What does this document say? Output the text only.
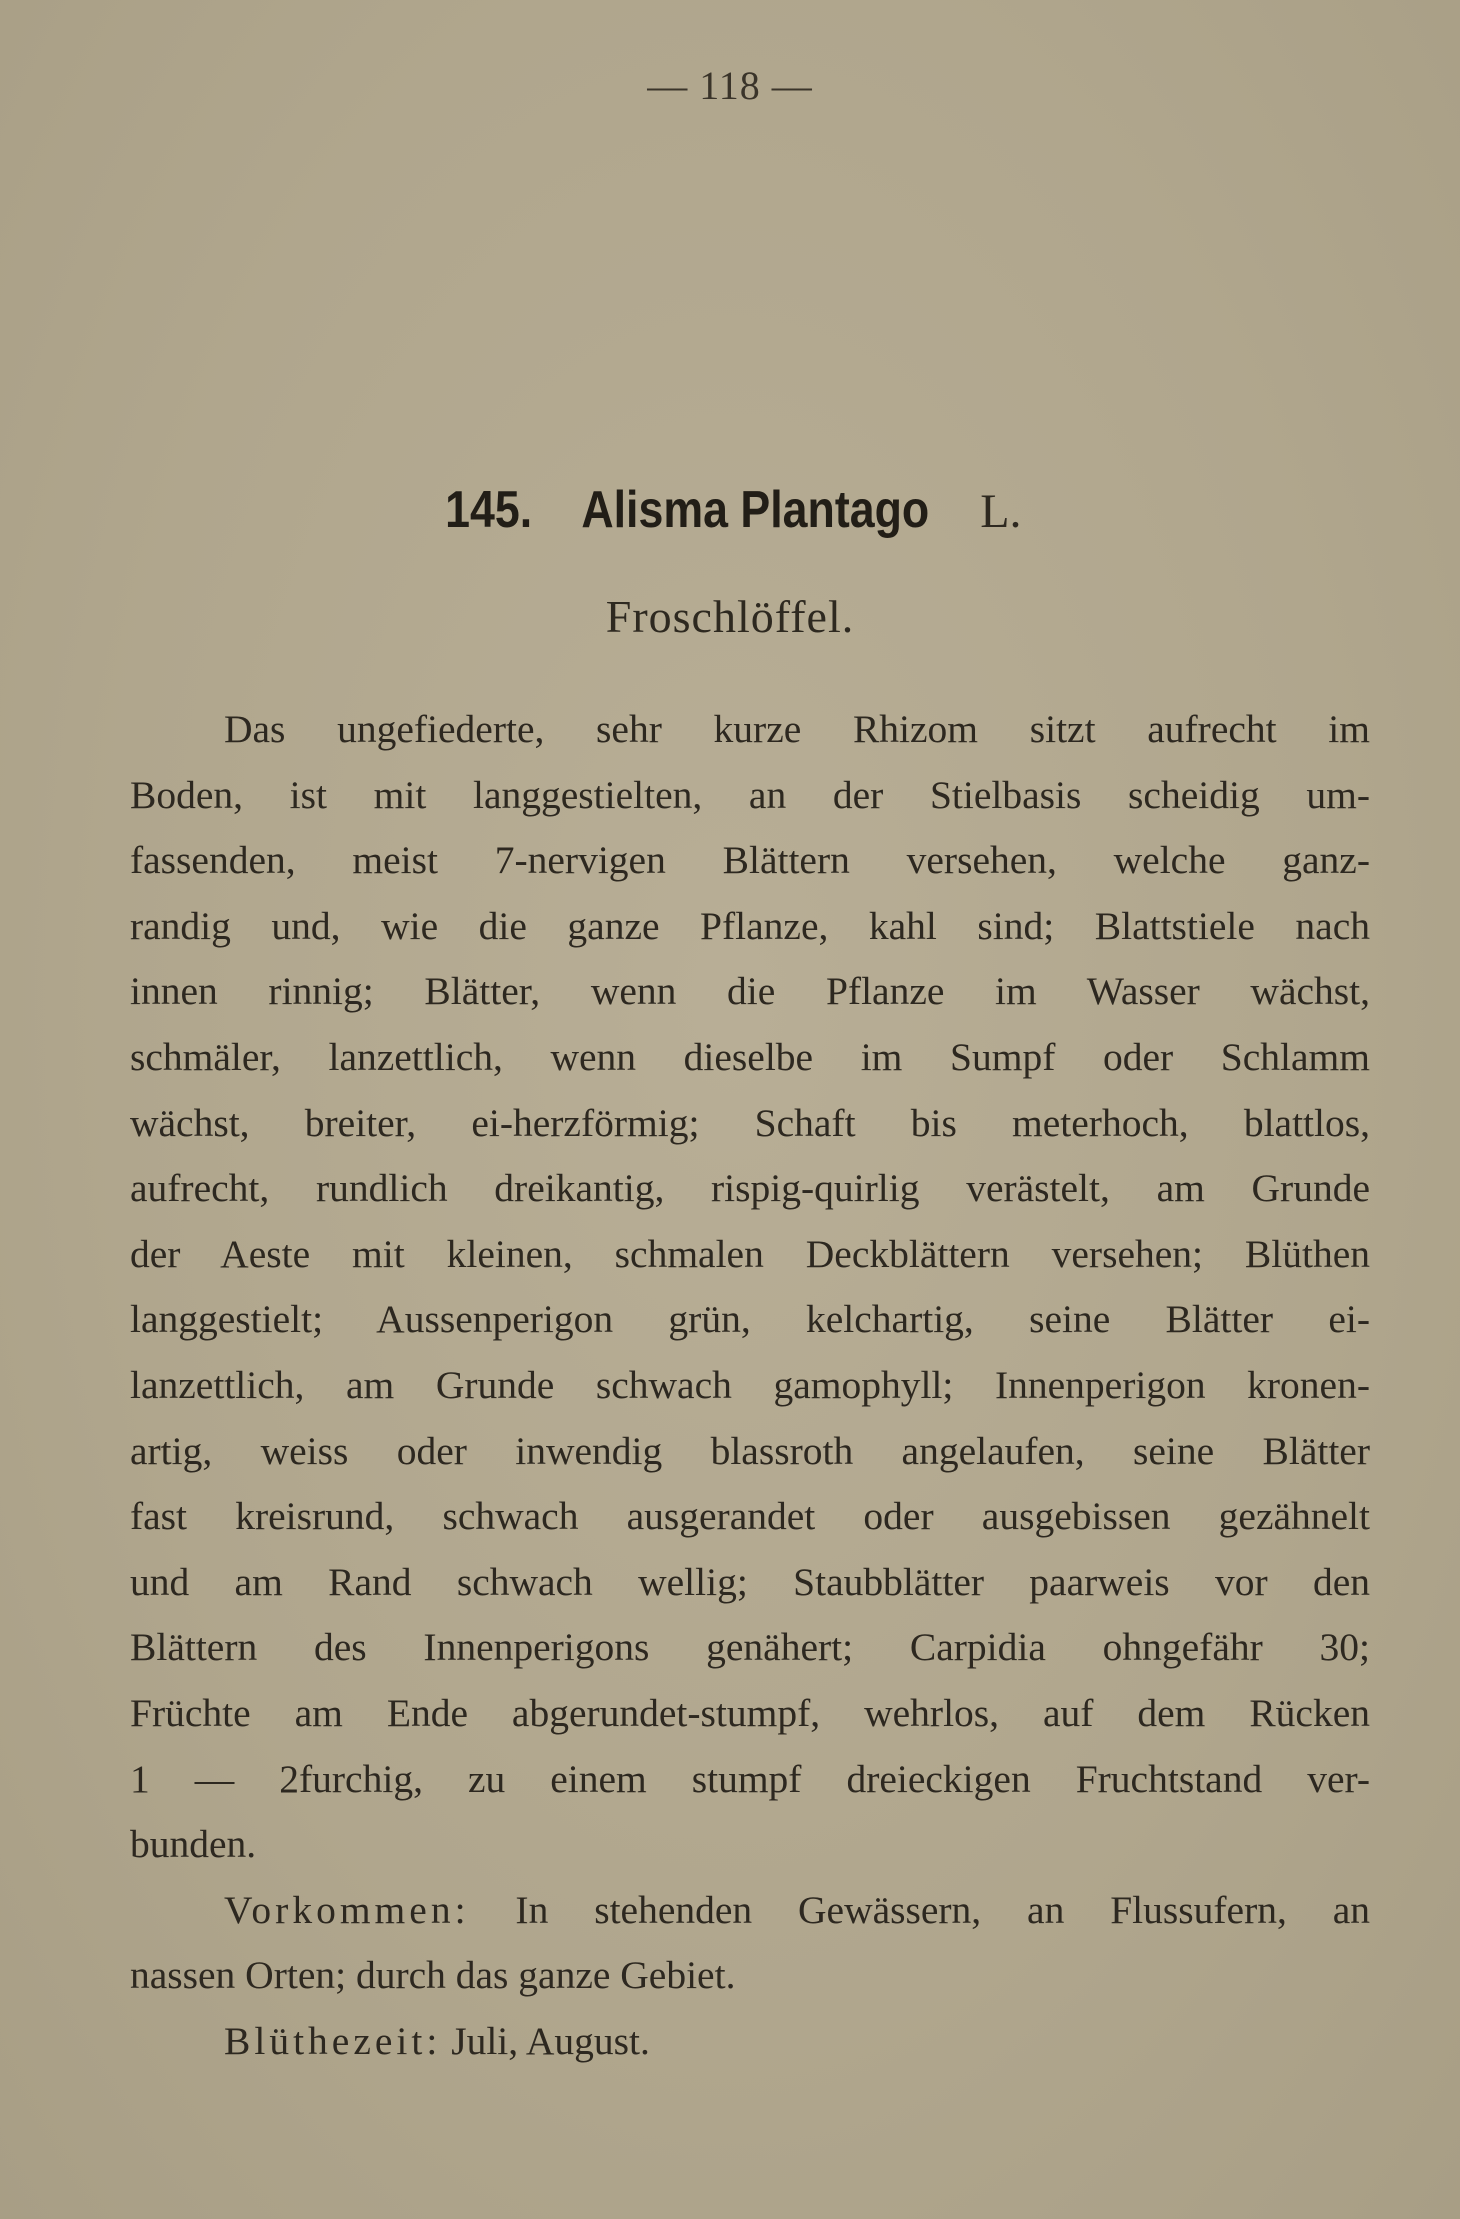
— 118 —
145. Alisma Plantago L.
Froschlöffel.
Das ungefiederte, sehr kurze Rhizom sitzt aufrecht im
Boden, ist mit langgestielten, an der Stielbasis scheidig um-
fassenden, meist 7-nervigen Blättern versehen, welche ganz-
randig und, wie die ganze Pflanze, kahl sind; Blattstiele nach
innen rinnig; Blätter, wenn die Pflanze im Wasser wächst,
schmäler, lanzettlich, wenn dieselbe im Sumpf oder Schlamm
wächst, breiter, ei-herzförmig; Schaft bis meterhoch, blattlos,
aufrecht, rundlich dreikantig, rispig-quirlig verästelt, am Grunde
der Aeste mit kleinen, schmalen Deckblättern versehen; Blüthen
langgestielt; Aussenperigon grün, kelchartig, seine Blätter ei-
lanzettlich, am Grunde schwach gamophyll; Innenperigon kronen-
artig, weiss oder inwendig blassroth angelaufen, seine Blätter
fast kreisrund, schwach ausgerandet oder ausgebissen gezähnelt
und am Rand schwach wellig; Staubblätter paarweis vor den
Blättern des Innenperigons genähert; Carpidia ohngefähr 30;
Früchte am Ende abgerundet-stumpf, wehrlos, auf dem Rücken
1 — 2furchig, zu einem stumpf dreieckigen Fruchtstand ver-
bunden.
Vorkommen: In stehenden Gewässern, an Flussufern, an
nassen Orten; durch das ganze Gebiet.
Blüthezeit: Juli, August.
